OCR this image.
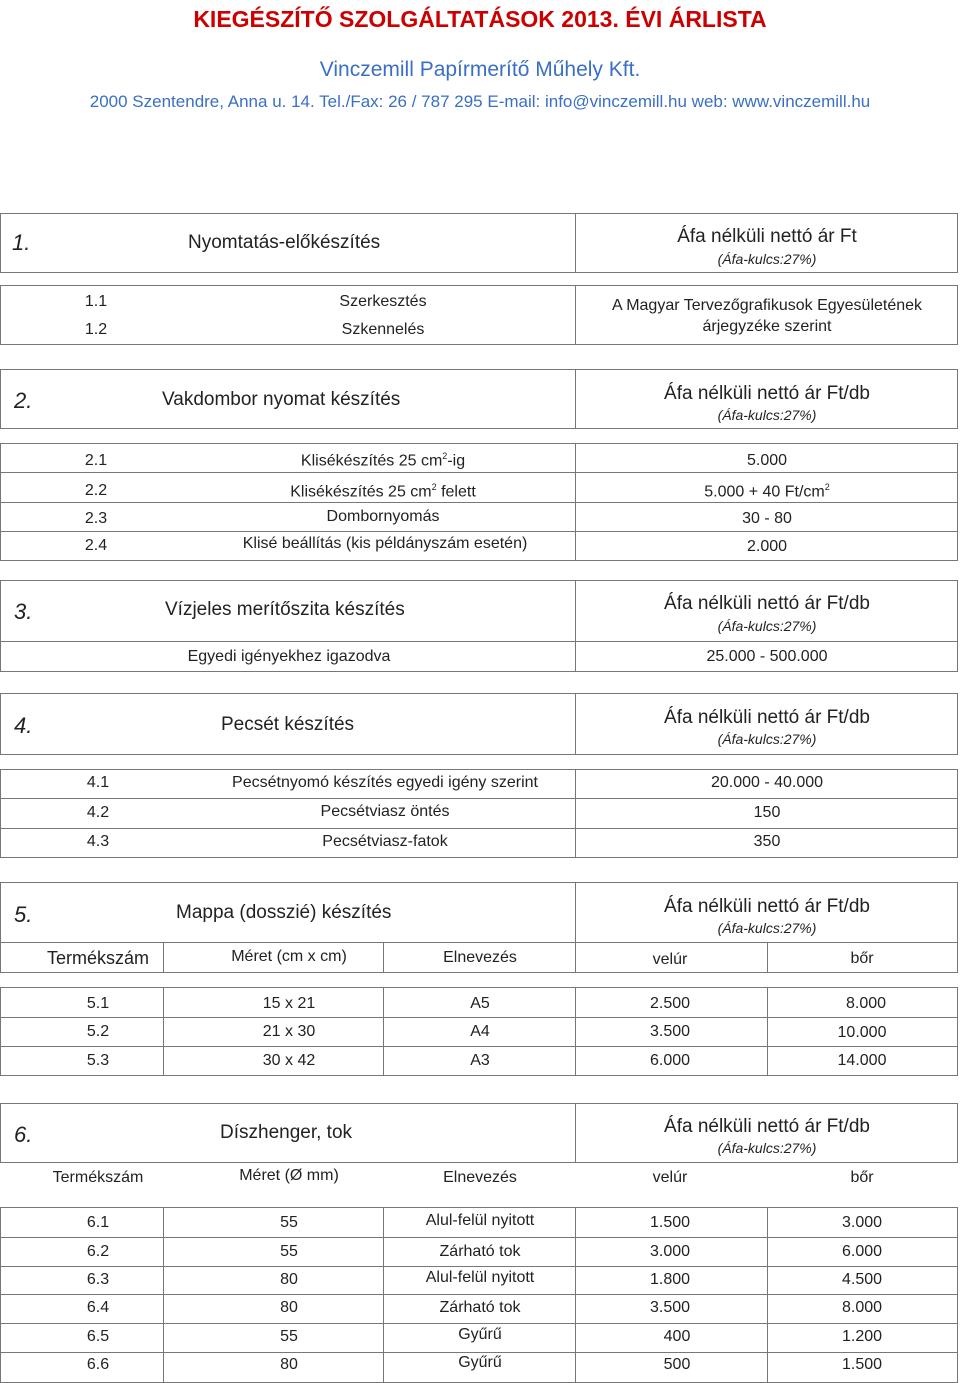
KIEGÉSZÍTŐ SZOLGÁLTATÁSOK 2013. ÉVI ÁRLISTA
Vinczemill Papírmerítő Műhely Kft.
2000 Szentendre, Anna u. 14. Tel./Fax: 26 / 787 295 E-mail: info@vinczemill.hu web: www.vinczemill.hu
1.	Nyomtatás-előkészítés	Áfa nélküli nettó ár Ft
(Áfa-kulcs:27%)
1.1	Szerkesztés
1.2	Szkennelés
A Magyar Tervezőgrafikusok Egyesületének
árjegyzéke szerint
2.	Vakdombor nyomat készítés	Áfa nélküli nettó ár Ft/db
(Áfa-kulcs:27%)
2.1	Klisékészítés 25 $cm^2-ig$	5.000
2.2	Klisékészítés 25 $cm^2$ felett	5.000 + 40 $Ft/cm^2$
2.3	Dombornyomás	30 - 80
2.4	Klisé beállítás (kis példányszám esetén)	2.000
3.	Vízjeles merítőszita készítés	Áfa nélküli nettó ár Ft/db
(Áfa-kulcs:27%)
Egyedi igényekhez igazodva	25.000 - 500.000
4.	Pecsét készítés	Áfa nélküli nettó ár Ft/db
(Áfa-kulcs:27%)
4.1	Pecsétnyomó készítés egyedi igény szerint	20.000 - 40.000
4.2	Pecsétviasz öntés	150
4.3	Pecsétviasz-fatok	350
5.	Mappa (dosszié) készítés	Áfa nélküli nettó ár Ft/db
(Áfa-kulcs:27%)
Termékszám	Méret (cm x cm)	Elnevezés	velúr	bőr
5.1	15 x 21	A5	2.500	8.000
5.2	21 x 30	A4	3.500	10.000
5.3	30 x 42	A3	6.000	14.000
6.	Díszhenger, tok	Áfa nélküli nettó ár Ft/db
(Áfa-kulcs:27%)
Termékszám	Méret (Ø mm)	Elnevezés	velúr	bőr
6.1	55	Alul-felül nyitott	1.500	3.000
6.2	55	Zárható tok	3.000	6.000
6.3	80	Alul-felül nyitott	1.800	4.500
6.4	80	Zárható tok	3.500	8.000
6.5	55	Gyűrű	400	1.200
6.6	80	Gyűrű	500	1.500
